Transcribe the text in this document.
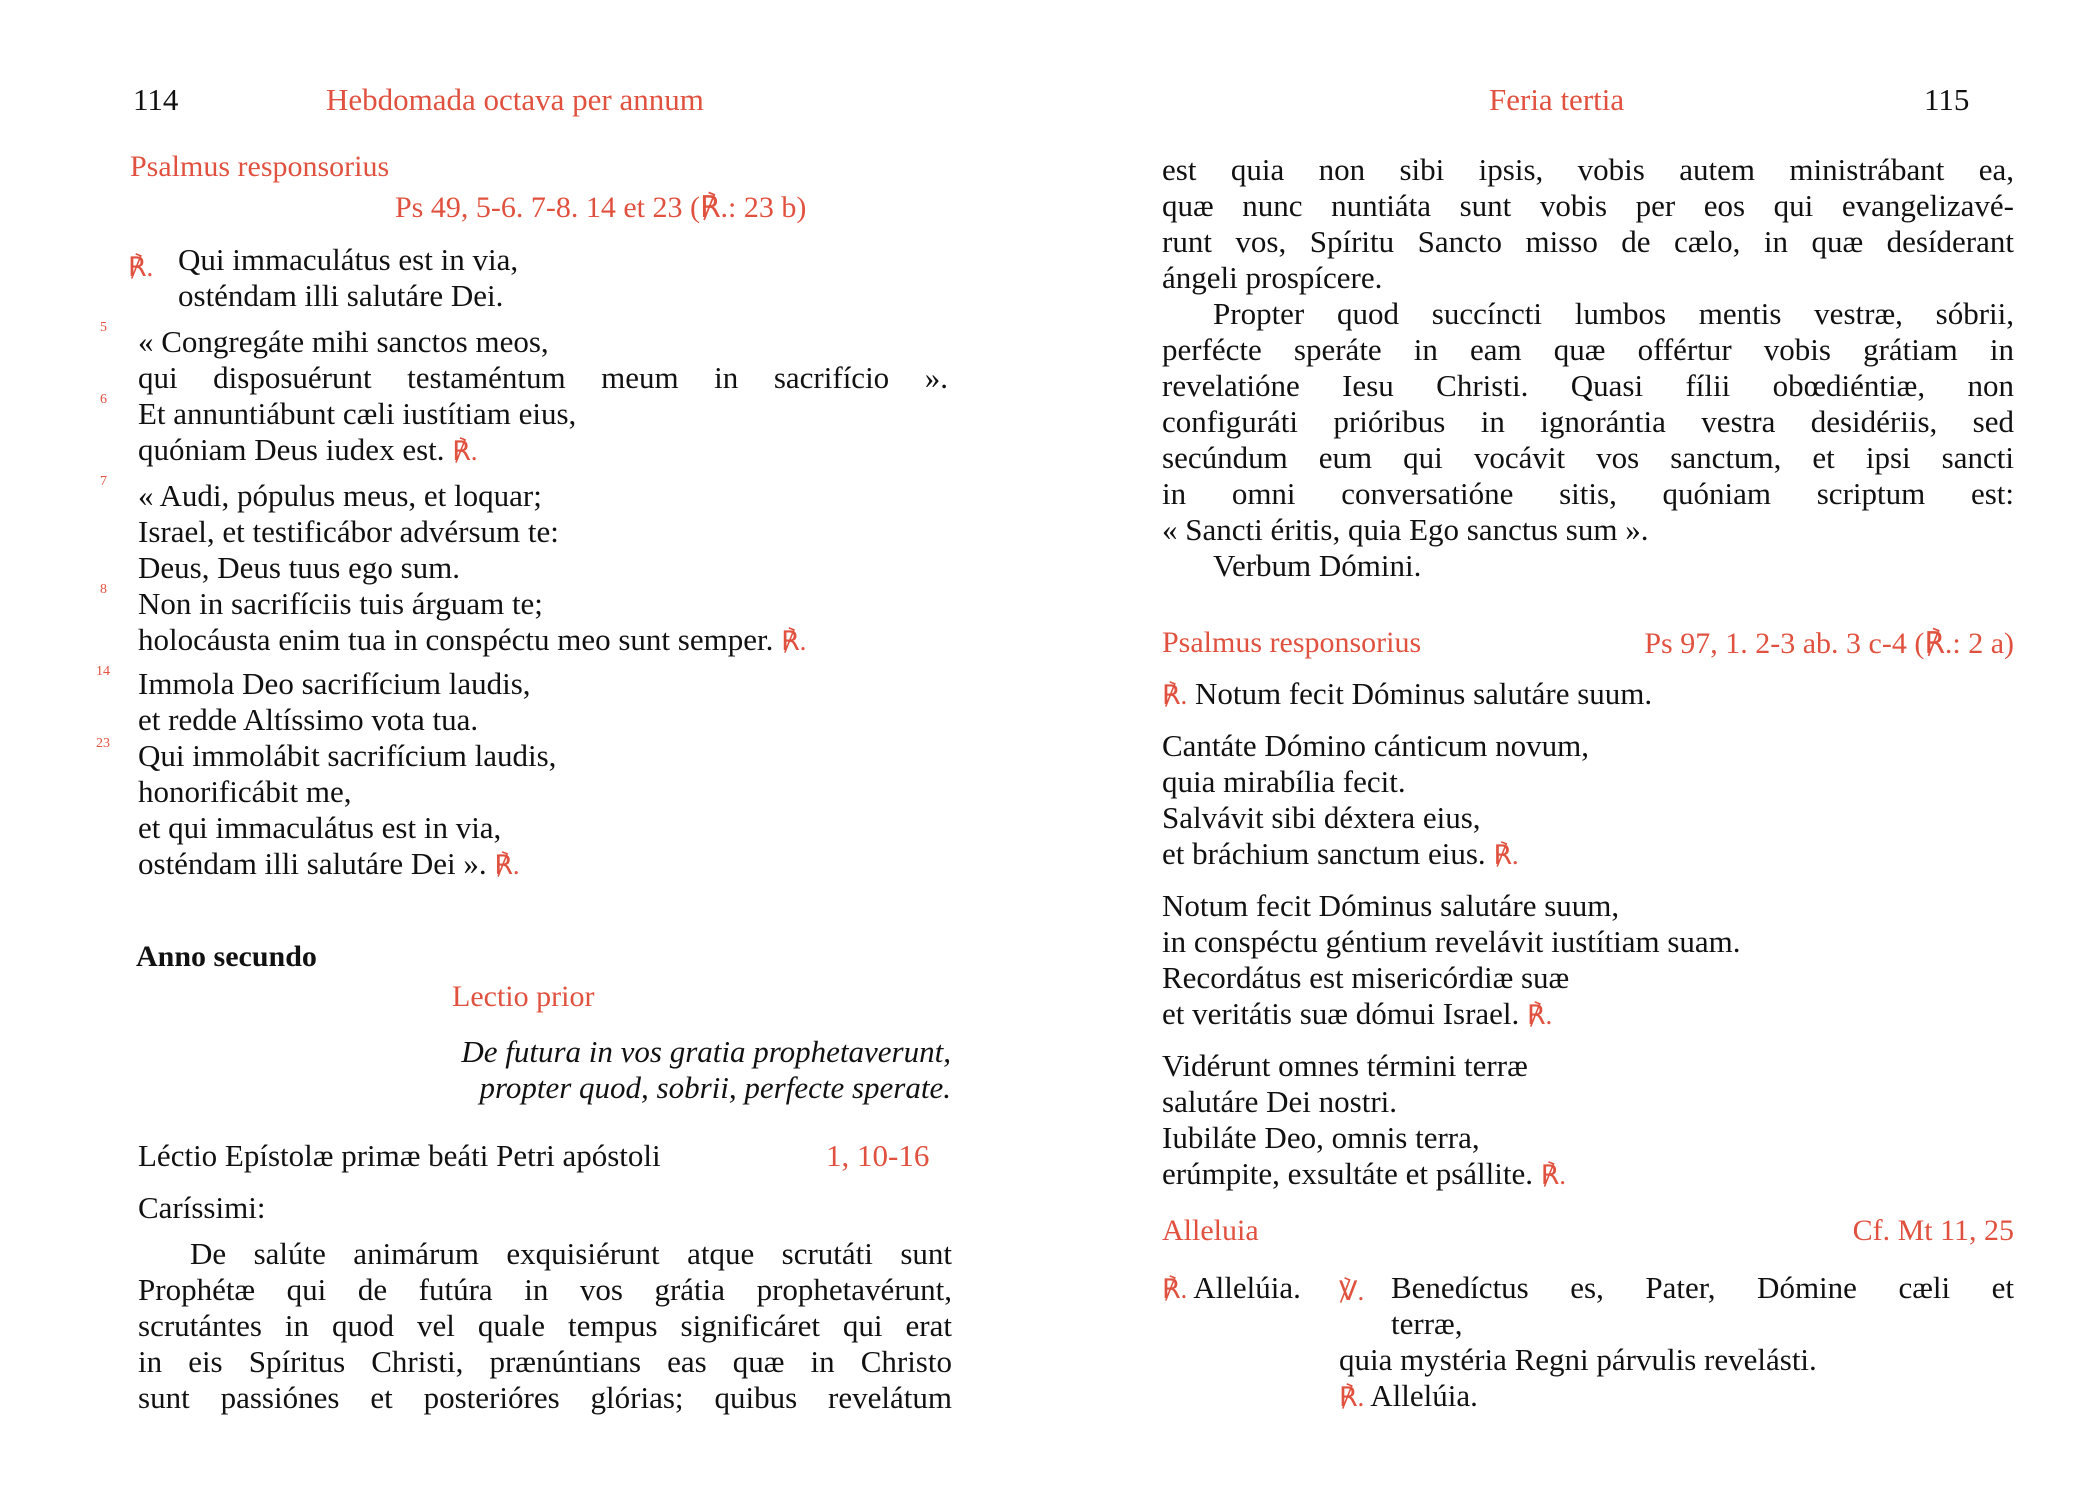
114	Hebdomada octava per annum
Psalmus responsorius
Ps 49, 5-6. 7-8. 14 et 23 (℟.: 23 b)
℟. Qui immaculátus est in via,
osténdam illi salutáre Dei.
5 « Congregáte mihi sanctos meos,
qui disposuérunt testaméntum meum in sacrifício ».
6 Et annuntiábunt cæli iustítiam eius,
quóniam Deus iudex est. ℟.
7 « Audi, pópulus meus, et loquar;
Israel, et testificábor advérsum te:
Deus, Deus tuus ego sum.
8 Non in sacrifíciis tuis árguam te;
holocáusta enim tua in conspéctu meo sunt semper. ℟.
14 Immola Deo sacrifícium laudis,
et redde Altíssimo vota tua.
23 Qui immolábit sacrifícium laudis,
honorificábit me,
et qui immaculátus est in via,
osténdam illi salutáre Dei ». ℟.
Anno secundo
Lectio prior
De futura in vos gratia prophetaverunt,
propter quod, sobrii, perfecte sperate.
Léctio Epístolæ primæ beáti Petri apóstoli	1, 10-16
Caríssimi:
De salúte animárum exquisiérunt atque scrutáti sunt
Prophétæ qui de futúra in vos grátia prophetavérunt,
scrutántes in quod vel quale tempus significáret qui erat
in eis Spíritus Christi, prænúntians eas quæ in Christo
sunt passiónes et posterióres glórias; quibus revelátum
Feria tertia	115
est quia non sibi ipsis, vobis autem ministrábant ea,
quæ nunc nuntiáta sunt vobis per eos qui evangelizavé-
runt vos, Spíritu Sancto misso de cælo, in quæ desíderant
ángeli prospícere.
Propter quod succíncti lumbos mentis vestræ, sóbrii,
perfécte speráte in eam quæ offértur vobis grátiam in
revelatióne Iesu Christi. Quasi fílii obœdiéntiæ, non
configuráti prióribus in ignorántia vestra desidériis, sed
secúndum eum qui vocávit vos sanctum, et ipsi sancti
in omni conversatióne sitis, quóniam scriptum est:
« Sancti éritis, quia Ego sanctus sum ».
Verbum Dómini.
Psalmus responsorius	Ps 97, 1. 2-3 ab. 3 c-4 (℟.: 2 a)
℟. Notum fecit Dóminus salutáre suum.
Cantáte Dómino cánticum novum,
quia mirabília fecit.
Salvávit sibi déxtera eius,
et bráchium sanctum eius. ℟.
Notum fecit Dóminus salutáre suum,
in conspéctu géntium revelávit iustítiam suam.
Recordátus est misericórdiæ suæ
et veritátis suæ dómui Israel. ℟.
Vidérunt omnes términi terræ
salutáre Dei nostri.
Iubiláte Deo, omnis terra,
erúmpite, exsultáte et psállite. ℟.
Alleluia	Cf. Mt 11, 25
℟. Allelúia. ℣. Benedíctus es, Pater, Dómine cæli et
terræ,
quia mystéria Regni párvulis revelásti.
℟. Allelúia.
